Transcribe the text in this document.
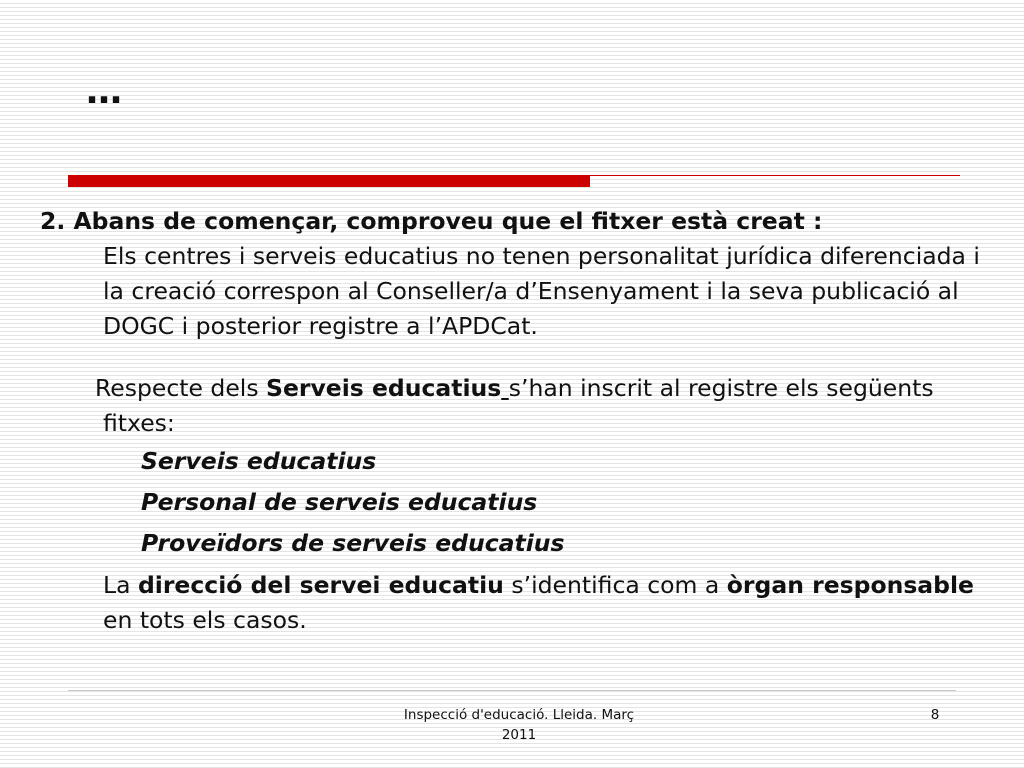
…

2. Abans de començar, comproveu que el fitxer està creat :

Els centres i serveis educatius no tenen personalitat jurídica diferenciada i la creació correspon al Conseller/a d’Ensenyament i la seva publicació al DOGC i posterior registre a l’APDCat.

Respecte dels Serveis educatius s’han inscrit al registre els següents fitxes:

Serveis educatius

Personal de serveis educatius

Proveïdors de serveis educatius

La direcció del servei educatiu s’identifica com a òrgan responsable en tots els casos.

Inspecció d'educació. Lleida. Març
2011
8
